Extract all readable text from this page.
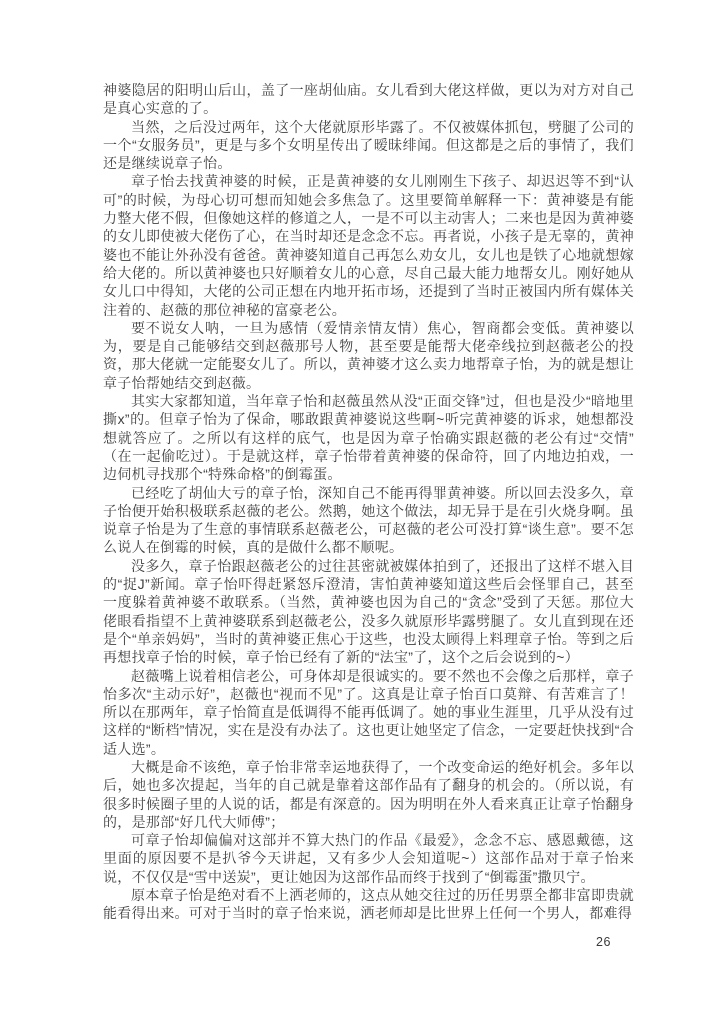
神婆隐居的阳明山后山，盖了一座胡仙庙。女儿看到大佬这样做，更以为对方对自己是真心实意的了。

当然，之后没过两年，这个大佬就原形毕露了。不仅被媒体抓包，劈腿了公司的一个“女服务员”，更是与多个女明星传出了暧昧绯闻。但这都是之后的事情了，我们还是继续说章子怡。

章子怡去找黄神婆的时候，正是黄神婆的女儿刚刚生下孩子、却迟迟等不到“认可”的时候，为母心切可想而知她会多焦急了。这里要简单解释一下：黄神婆是有能力整大佬不假，但像她这样的修道之人，一是不可以主动害人；二来也是因为黄神婆的女儿即使被大佬伤了心，在当时却还是念念不忘。再者说，小孩子是无辜的，黄神婆也不能让外孙没有爸爸。黄神婆知道自己再怎么劝女儿，女儿也是铁了心地就想嫁给大佬的。所以黄神婆也只好顺着女儿的心意，尽自己最大能力地帮女儿。刚好她从女儿口中得知，大佬的公司正想在内地开拓市场，还提到了当时正被国内所有媒体关注着的、赵薇的那位神秘的富豪老公。

要不说女人呐，一旦为感情（爱情亲情友情）焦心，智商都会变低。黄神婆以为，要是自己能够结交到赵薇那号人物，甚至要是能帮大佬牵线拉到赵薇老公的投资，那大佬就一定能娶女儿了。所以，黄神婆才这么卖力地帮章子怡，为的就是想让章子怡帮她结交到赵薇。

其实大家都知道，当年章子怡和赵薇虽然从没“正面交锋”过，但也是没少“暗地里撕x”的。但章子怡为了保命，哪敢跟黄神婆说这些啊~听完黄神婆的诉求，她想都没想就答应了。之所以有这样的底气，也是因为章子怡确实跟赵薇的老公有过“交情”（在一起偷吃过）。于是就这样，章子怡带着黄神婆的保命符，回了内地边拍戏，一边伺机寻找那个“特殊命格”的倒霉蛋。

已经吃了胡仙大亏的章子怡，深知自己不能再得罪黄神婆。所以回去没多久，章子怡便开始积极联系赵薇的老公。然鹅，她这个做法，却无异于是在引火烧身啊。虽说章子怡是为了生意的事情联系赵薇老公，可赵薇的老公可没打算“谈生意”。要不怎么说人在倒霉的时候，真的是做什么都不顺呢。

没多久，章子怡跟赵薇老公的过往甚密就被媒体拍到了，还报出了这样不堪入目的“捉J”新闻。章子怡吓得赶紧怒斥澄清，害怕黄神婆知道这些后会怪罪自己，甚至一度躲着黄神婆不敢联系。（当然，黄神婆也因为自己的“贪念”受到了天惩。那位大佬眼看指望不上黄神婆联系到赵薇老公，没多久就原形毕露劈腿了。女儿直到现在还是个“单亲妈妈”，当时的黄神婆正焦心于这些，也没太顾得上料理章子怡。等到之后再想找章子怡的时候，章子怡已经有了新的“法宝”了，这个之后会说到的~）

赵薇嘴上说着相信老公，可身体却是很诚实的。要不然也不会像之后那样，章子怡多次“主动示好”，赵薇也“视而不见”了。这真是让章子怡百口莫辩、有苦难言了！所以在那两年，章子怡简直是低调得不能再低调了。她的事业生涯里，几乎从没有过这样的“断档”情况，实在是没有办法了。这也更让她坚定了信念，一定要赶快找到“合适人选”。

大概是命不该绝，章子怡非常幸运地获得了，一个改变命运的绝好机会。多年以后，她也多次提起，当年的自己就是靠着这部作品有了翻身的机会的。（所以说，有很多时候圈子里的人说的话，都是有深意的。因为明明在外人看来真正让章子怡翻身的，是那部“好几代大师傅”；

可章子怡却偏偏对这部并不算大热门的作品《最爱》，念念不忘、感恩戴德，这里面的原因要不是扒爷今天讲起，又有多少人会知道呢~）这部作品对于章子怡来说，不仅仅是“雪中送炭”，更让她因为这部作品而终于找到了“倒霉蛋”撒贝宁。

原本章子怡是绝对看不上洒老师的，这点从她交往过的历任男票全都非富即贵就能看得出来。可对于当时的章子怡来说，洒老师却是比世界上任何一个男人，都难得

26
